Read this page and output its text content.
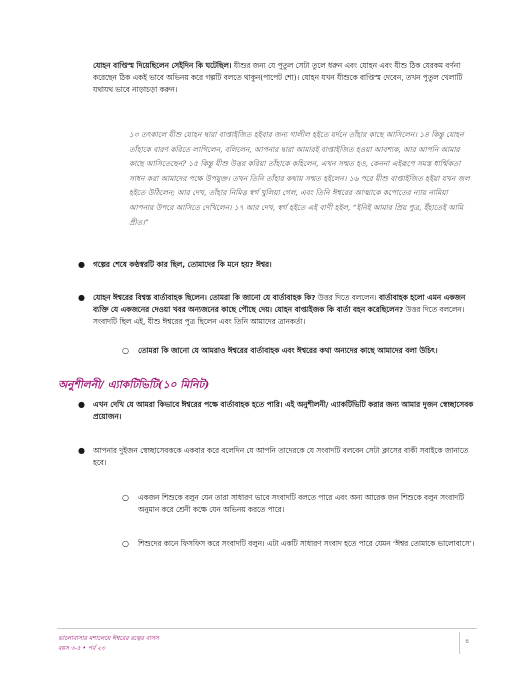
যোহন বাপ্তিস্ম দিয়েছিলেন সেইদিন কি ঘটেছিল। যীশুর জন্য যে পুতুল সেটা তুলে ধরুন এবং যোহন এবং যীশু ঠিক যেরকম বর্ণনা করেছেন ঠিক একই ভাবে অভিনয় করে গল্পটি বলতে থাকুন(পাপেট শো)। যোহন যখন যীশুকে বাপ্তিস্ম দেবেন, তখন পুতুল খেলাটি যথাযথ ভাবে নাড়াচড়া করুন।

১৩ তৎকালে যীশু যোহন দ্বারা বাপ্তাইজিত হইবার জন্য গালীল হইতে যর্দনে তাঁহার কাছে আসিলেন। ১৪ কিন্তু যোহন তাঁহাকে বারণ করিতে লাগিলেন, বলিলেন, আপনার দ্বারা আমারই বাপ্তাইজিত হওয়া আবশ্যক, আর আপনি আমার কাছে আসিতেছেন? ১৫ কিন্তু যীশু উত্তর করিয়া তাঁহাকে কহিলেন, এখন সম্মত হও, কেননা এইরূপে সমস্ত ধার্ম্মিকতা সাধন করা আমাদের পক্ষে উপযুক্ত। তখন তিনি তাঁহার কথায় সম্মত হইলেন। ১৬ পরে যীশু বাপ্তাইজিত হইয়া যখন জল হইতে উঠিলেন; আর দেখ, তাঁহার নিমিত্ত স্বর্গ খুলিয়া গেল, এবং তিনি ঈশ্বরের আত্মাকে কপোতের ন্যায় নামিয়া আপনার উপরে আসিতে দেখিলেন। ১৭ আর দেখ, স্বর্গ হইতে এই বাণী হইল, “ইনিই আমার প্রিয় পুত্র, ইঁহাতেই আমি প্রীত।”

● গল্পের শেষে কণ্ঠস্বরটি কার ছিল, তোমাদের কি মনে হয়? ঈশ্বর।

● যোহন ঈশ্বরের বিশ্বস্ত বার্তাবাহক ছিলেন। তোমরা কি জানো যে বার্তাবাহক কি? উত্তর দিতে বললেন। বার্তাবাহক হলো এমন একজন ব্যক্তি যে একজনের দেওয়া খবর অন্যজনের কাছে পৌছে দেয়। যোহন বাপ্তাইজক কি বার্তা বহন করেছিলেন? উত্তর দিতে বললেন। সংবাদটি ছিল এই, যীশু ঈশ্বরের পুত্র ছিলেন এবং তিনি আমাদের ত্রানকর্তা।

○ তোমরা কি জানো যে আমরাও ঈশ্বরের বার্তাবাহক এবং ঈশ্বরের কথা অন্যদের কাছে আমাদের বলা উচিৎ।

অনুশীলনী/ এ্যাকটিভিটি(১০ মিনিট)
● এখন দেখি যে আমরা কিভাবে ঈশ্বরের পক্ষে বার্তাবাহক হতে পারি। এই অনুশীলনী/ এ্যাকটিভিটি করার জন্য আমার দু‌জন স্বেচ্ছাসেবক প্রয়োজন।

● আপনার দুইজন স্বেচ্ছাসেবককে একবার করে বলেদিন যে আপনি তাদেরকে যে সংবাদটি বলবেন সেটা ক্লাসের বাকী সবাইকে জানাতে হবে।

○ একজন শিশুকে বলুন যেন তারা সাধারণ ভাবে সংবাদটি বলতে পারে এবং অন্য আরেক জন শিশুকে বলুন সংবাদটি অনুমান করে শ্রেনী কক্ষে যেন অভিনয় করতে পারে।

○ শিশুদের কানে ফিসফিস করে সংবাদটি বলুন। এটা একটি সাধারণ সংবাদ হতে পারে যেমন ‘ঈশ্বর তোমাকে ভালোবাসে’।

ভালোবাসার মশালেয়ে ঈশ্বরের রত্নের বাসস
বয়স ৩-৫ • পর্ব ২৩
৪
